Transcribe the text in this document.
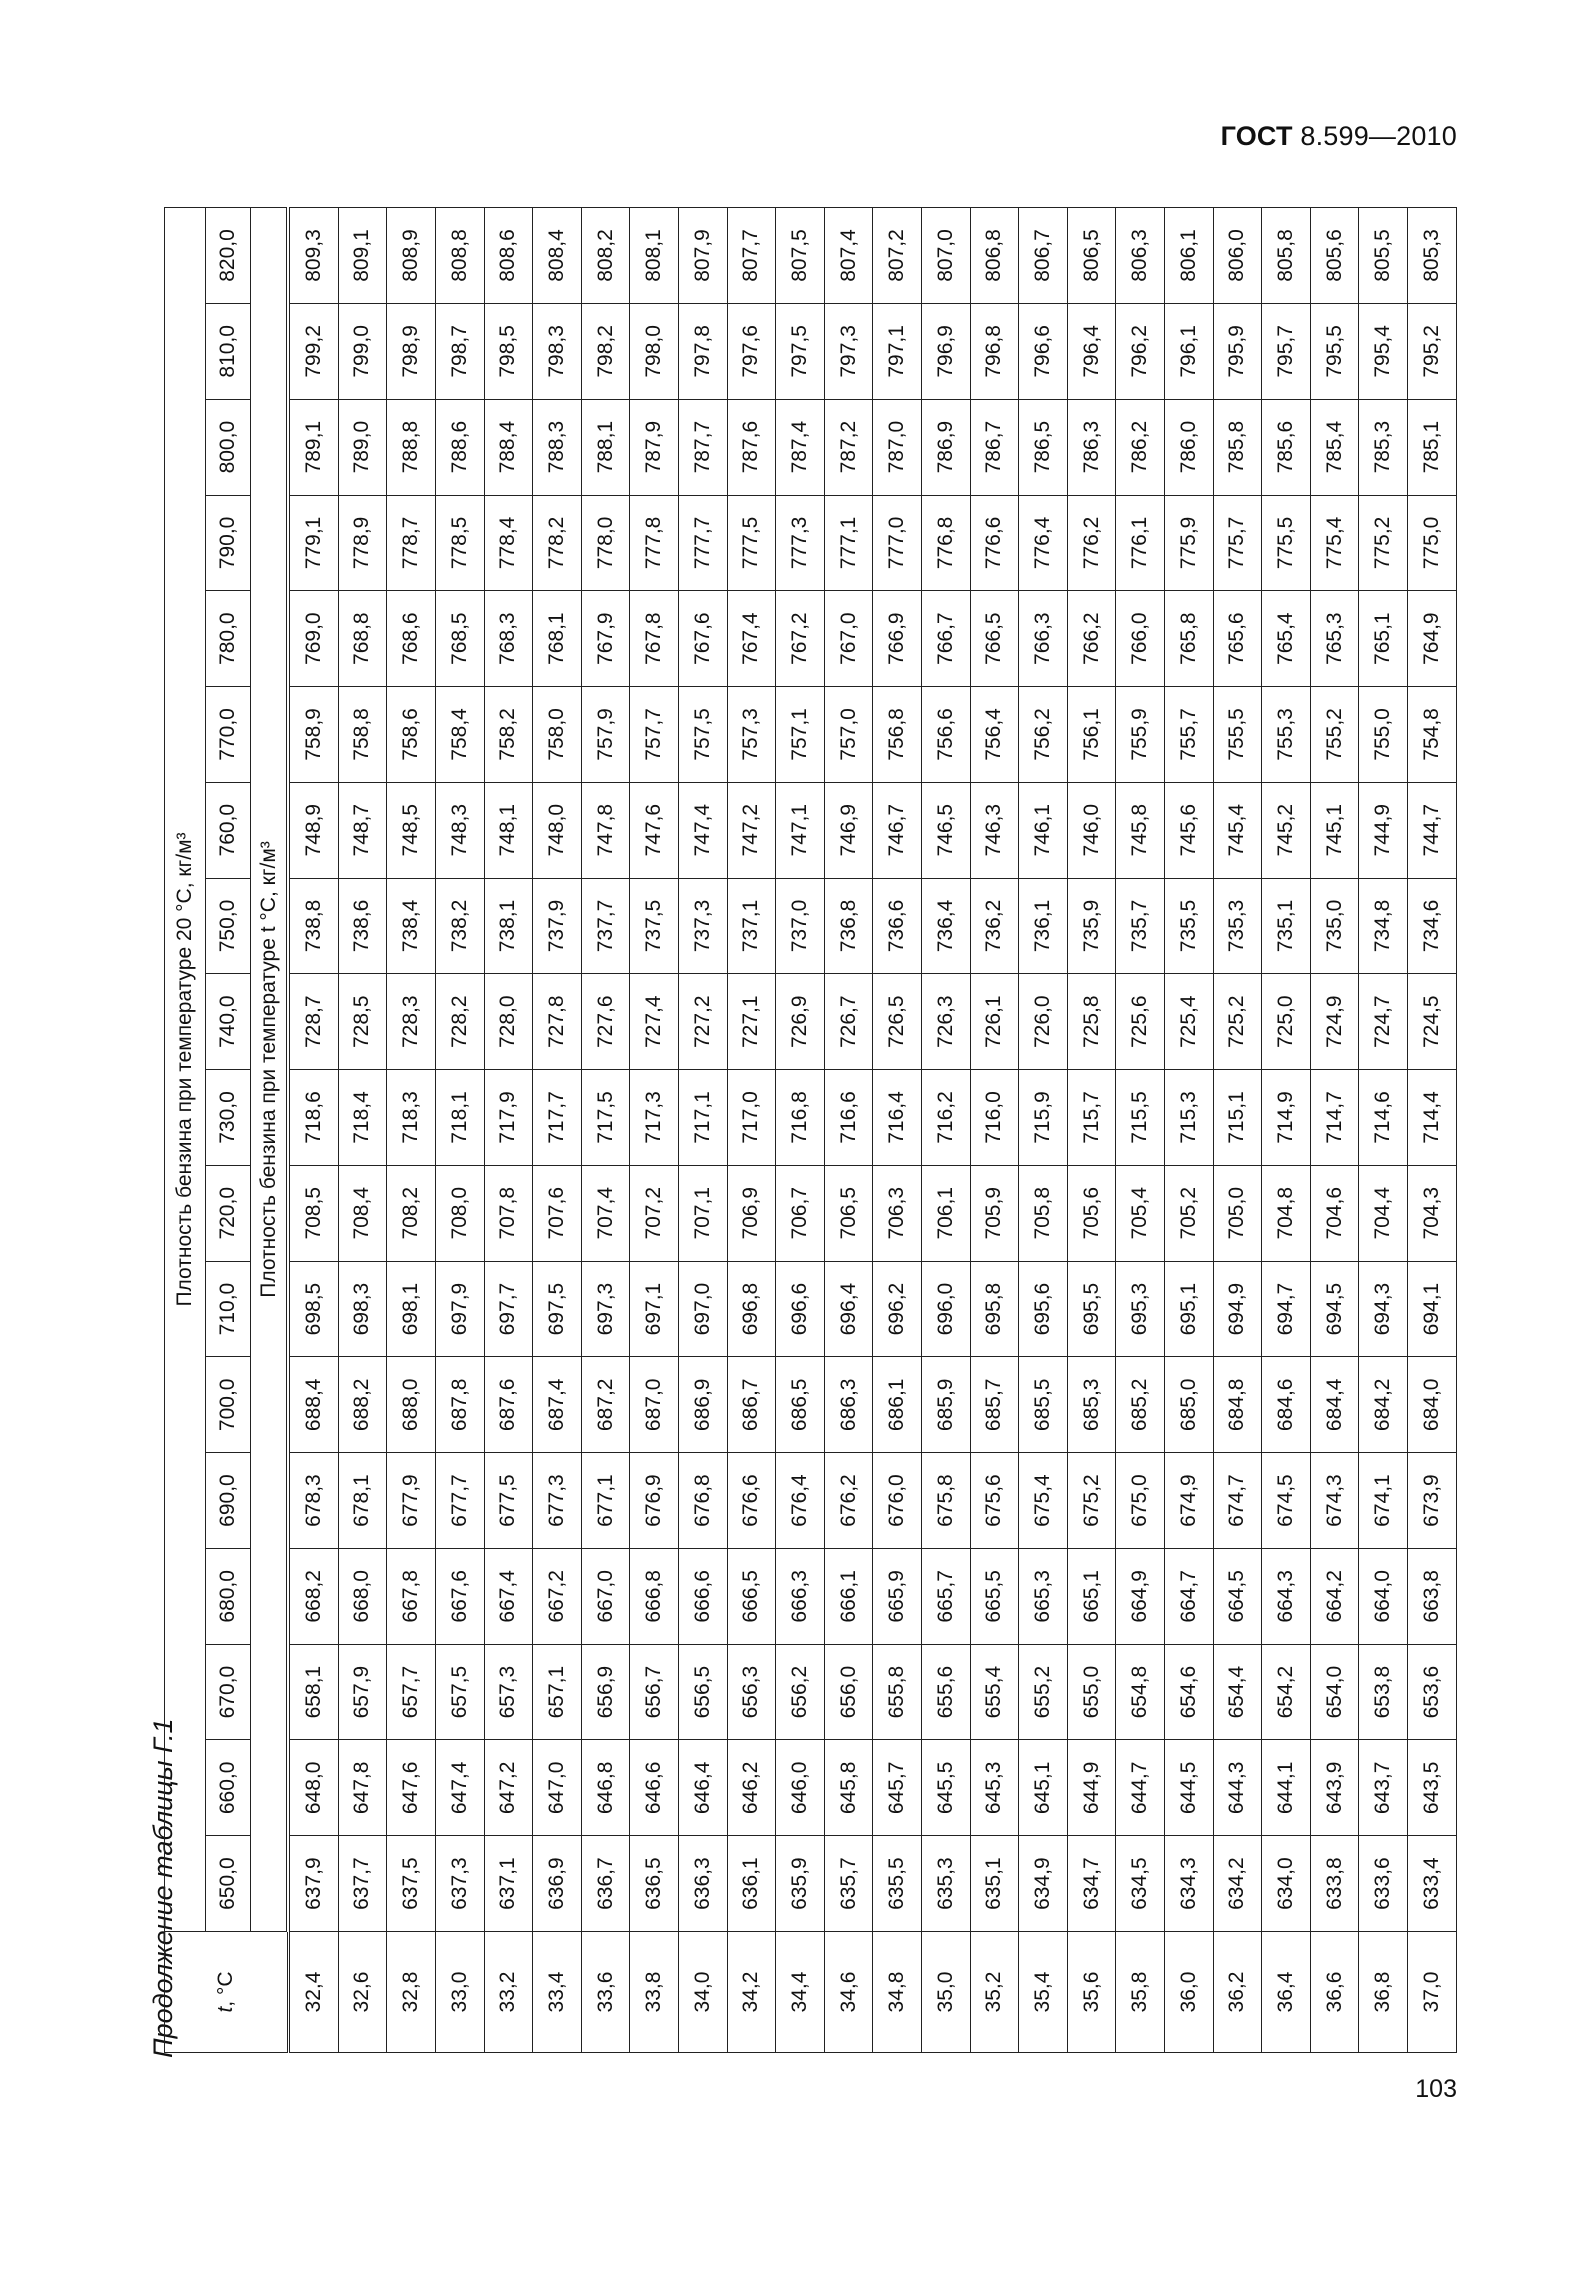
ГОСТ 8.599—2010
Продолжение таблицы Г.1 t, °C	Плотность бензина при температуре 20 °С, кг/м³																	
	650,0	660,0	670,0	680,0	690,0	700,0	710,0	720,0	730,0	740,0	750,0	760,0	770,0	780,0	790,0	800,0	810,0	820,0
	Плотность бензина при температуре t °С, кг/м³																	
32,4	637,9	648,0	658,1	668,2	678,3	688,4	698,5	708,5	718,6	728,7	738,8	748,9	758,9	769,0	779,1	789,1	799,2	809,3
32,6	637,7	647,8	657,9	668,0	678,1	688,2	698,3	708,4	718,4	728,5	738,6	748,7	758,8	768,8	778,9	789,0	799,0	809,1
32,8	637,5	647,6	657,7	667,8	677,9	688,0	698,1	708,2	718,3	728,3	738,4	748,5	758,6	768,6	778,7	788,8	798,9	808,9
33,0	637,3	647,4	657,5	667,6	677,7	687,8	697,9	708,0	718,1	728,2	738,2	748,3	758,4	768,5	778,5	788,6	798,7	808,8
33,2	637,1	647,2	657,3	667,4	677,5	687,6	697,7	707,8	717,9	728,0	738,1	748,1	758,2	768,3	778,4	788,4	798,5	808,6
33,4	636,9	647,0	657,1	667,2	677,3	687,4	697,5	707,6	717,7	727,8	737,9	748,0	758,0	768,1	778,2	788,3	798,3	808,4
33,6	636,7	646,8	656,9	667,0	677,1	687,2	697,3	707,4	717,5	727,6	737,7	747,8	757,9	767,9	778,0	788,1	798,2	808,2
33,8	636,5	646,6	656,7	666,8	676,9	687,0	697,1	707,2	717,3	727,4	737,5	747,6	757,7	767,8	777,8	787,9	798,0	808,1
34,0	636,3	646,4	656,5	666,6	676,8	686,9	697,0	707,1	717,1	727,2	737,3	747,4	757,5	767,6	777,7	787,7	797,8	807,9
34,2	636,1	646,2	656,3	666,5	676,6	686,7	696,8	706,9	717,0	727,1	737,1	747,2	757,3	767,4	777,5	787,6	797,6	807,7
34,4	635,9	646,0	656,2	666,3	676,4	686,5	696,6	706,7	716,8	726,9	737,0	747,1	757,1	767,2	777,3	787,4	797,5	807,5
34,6	635,7	645,8	656,0	666,1	676,2	686,3	696,4	706,5	716,6	726,7	736,8	746,9	757,0	767,0	777,1	787,2	797,3	807,4
34,8	635,5	645,7	655,8	665,9	676,0	686,1	696,2	706,3	716,4	726,5	736,6	746,7	756,8	766,9	777,0	787,0	797,1	807,2
35,0	635,3	645,5	655,6	665,7	675,8	685,9	696,0	706,1	716,2	726,3	736,4	746,5	756,6	766,7	776,8	786,9	796,9	807,0
35,2	635,1	645,3	655,4	665,5	675,6	685,7	695,8	705,9	716,0	726,1	736,2	746,3	756,4	766,5	776,6	786,7	796,8	806,8
35,4	634,9	645,1	655,2	665,3	675,4	685,5	695,6	705,8	715,9	726,0	736,1	746,1	756,2	766,3	776,4	786,5	796,6	806,7
35,6	634,7	644,9	655,0	665,1	675,2	685,3	695,5	705,6	715,7	725,8	735,9	746,0	756,1	766,2	776,2	786,3	796,4	806,5
35,8	634,5	644,7	654,8	664,9	675,0	685,2	695,3	705,4	715,5	725,6	735,7	745,8	755,9	766,0	776,1	786,2	796,2	806,3
36,0	634,3	644,5	654,6	664,7	674,9	685,0	695,1	705,2	715,3	725,4	735,5	745,6	755,7	765,8	775,9	786,0	796,1	806,1
36,2	634,2	644,3	654,4	664,5	674,7	684,8	694,9	705,0	715,1	725,2	735,3	745,4	755,5	765,6	775,7	785,8	795,9	806,0
36,4	634,0	644,1	654,2	664,3	674,5	684,6	694,7	704,8	714,9	725,0	735,1	745,2	755,3	765,4	775,5	785,6	795,7	805,8
36,6	633,8	643,9	654,0	664,2	674,3	684,4	694,5	704,6	714,7	724,9	735,0	745,1	755,2	765,3	775,4	785,4	795,5	805,6
36,8	633,6	643,7	653,8	664,0	674,1	684,2	694,3	704,4	714,6	724,7	734,8	744,9	755,0	765,1	775,2	785,3	795,4	805,5
37,0	633,4	643,5	653,6	663,8	673,9	684,0	694,1	704,3	714,4	724,5	734,6	744,7	754,8	764,9	775,0	785,1	795,2	805,3
103
